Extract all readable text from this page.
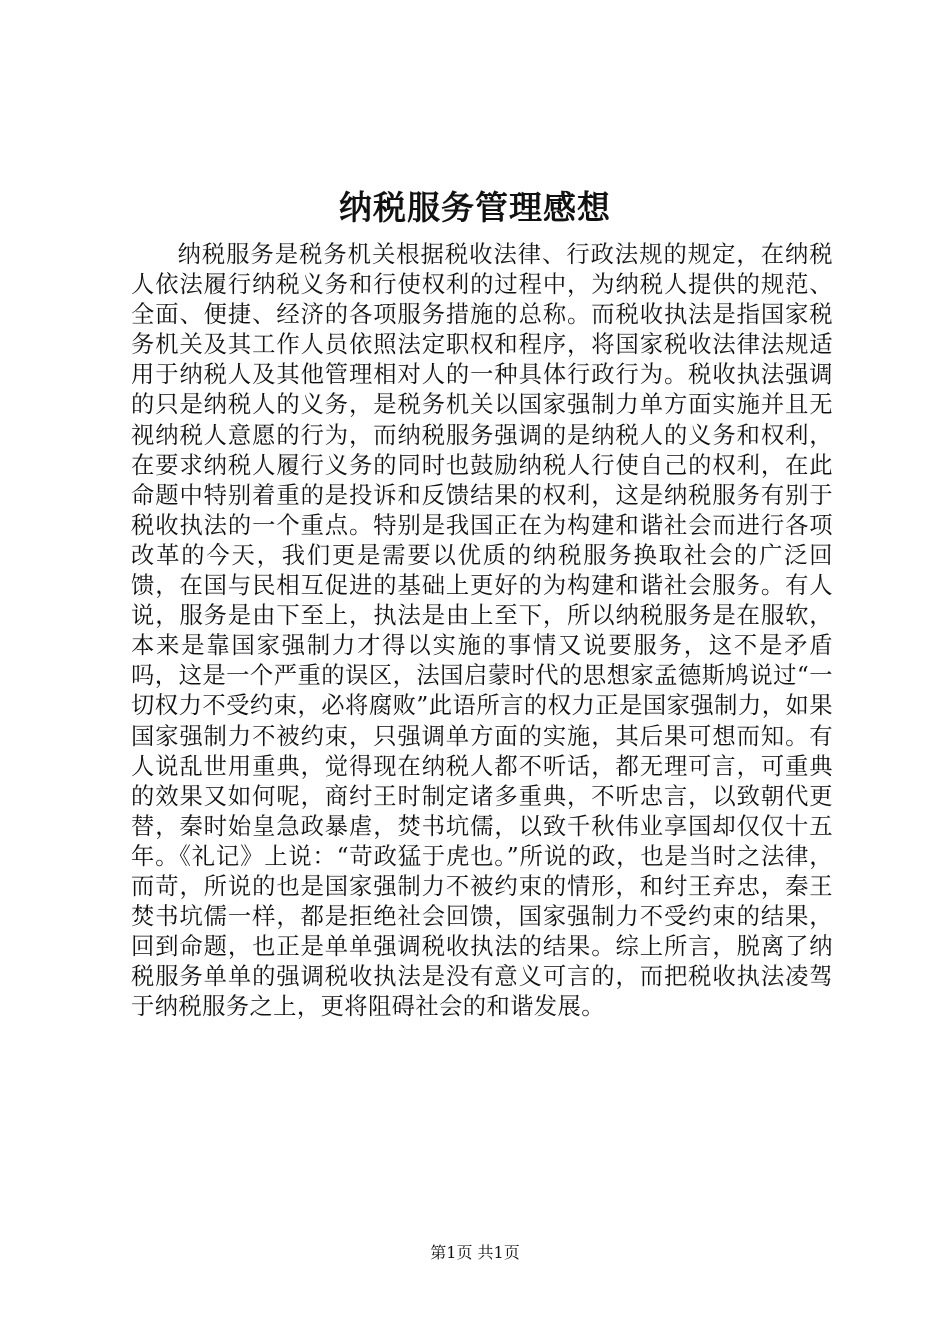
纳税服务管理感想

纳税服务是税务机关根据税收法律、行政法规的规定，在纳税人依法履行纳税义务和行使权利的过程中，为纳税人提供的规范、全面、便捷、经济的各项服务措施的总称。而税收执法是指国家税务机关及其工作人员依照法定职权和程序，将国家税收法律法规适用于纳税人及其他管理相对人的一种具体行政行为。税收执法强调的只是纳税人的义务，是税务机关以国家强制力单方面实施并且无视纳税人意愿的行为，而纳税服务强调的是纳税人的义务和权利，在要求纳税人履行义务的同时也鼓励纳税人行使自己的权利，在此命题中特别着重的是投诉和反馈结果的权利，这是纳税服务有别于税收执法的一个重点。特别是我国正在为构建和谐社会而进行各项改革的今天，我们更是需要以优质的纳税服务换取社会的广泛回馈，在国与民相互促进的基础上更好的为构建和谐社会服务。有人说，服务是由下至上，执法是由上至下，所以纳税服务是在服软，本来是靠国家强制力才得以实施的事情又说要服务，这不是矛盾吗，这是一个严重的误区，法国启蒙时代的思想家孟德斯鸠说过“一切权力不受约束，必将腐败”此语所言的权力正是国家强制力，如果国家强制力不被约束，只强调单方面的实施，其后果可想而知。有人说乱世用重典，觉得现在纳税人都不听话，都无理可言，可重典的效果又如何呢，商纣王时制定诸多重典，不听忠言，以致朝代更替，秦时始皇急政暴虐，焚书坑儒，以致千秋伟业享国却仅仅十五年。《礼记》上说：“苛政猛于虎也。”所说的政，也是当时之法律，而苛，所说的也是国家强制力不被约束的情形，和纣王弃忠，秦王焚书坑儒一样，都是拒绝社会回馈，国家强制力不受约束的结果，回到命题，也正是单单强调税收执法的结果。综上所言，脱离了纳税服务单单的强调税收执法是没有意义可言的，而把税收执法凌驾于纳税服务之上，更将阻碍社会的和谐发展。

第1页 共1页
